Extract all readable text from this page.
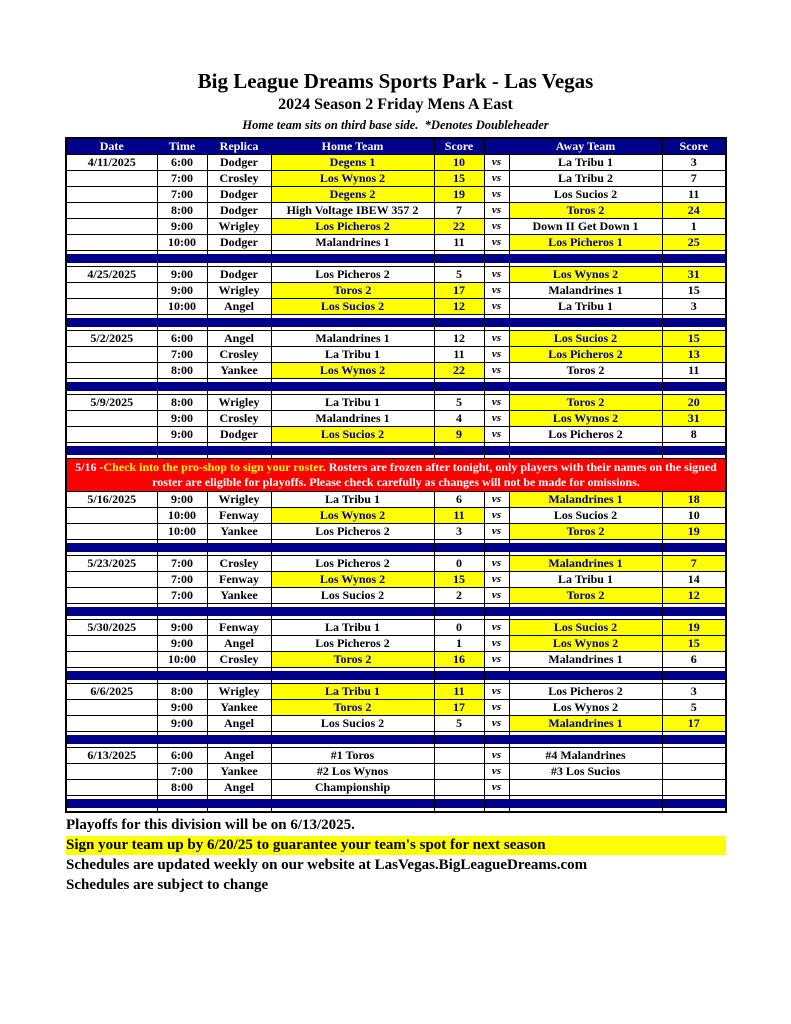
Big League Dreams Sports Park - Las Vegas
2024 Season 2 Friday Mens A East
Home team sits on third base side.  *Denotes Doubleheader
Date	Time	Replica	Home Team	Score		Away Team	Score
4/11/2025	6:00	Dodger	Degens 1	10	vs	La Tribu 1	3
	7:00	Crosley	Los Wynos 2	15	vs	La Tribu 2	7
	7:00	Dodger	Degens 2	19	vs	Los Sucios 2	11
	8:00	Dodger	High Voltage IBEW 357 2	7	vs	Toros 2	24
	9:00	Wrigley	Los Picheros 2	22	vs	Down II Get Down 1	1
	10:00	Dodger	Malandrines 1	11	vs	Los Picheros 1	25

4/25/2025	9:00	Dodger	Los Picheros 2	5	vs	Los Wynos 2	31
	9:00	Wrigley	Toros 2	17	vs	Malandrines 1	15
	10:00	Angel	Los Sucios 2	12	vs	La Tribu 1	3

5/2/2025	6:00	Angel	Malandrines 1	12	vs	Los Sucios 2	15
	7:00	Crosley	La Tribu 1	11	vs	Los Picheros 2	13
	8:00	Yankee	Los Wynos 2	22	vs	Toros 2	11

5/9/2025	8:00	Wrigley	La Tribu 1	5	vs	Toros 2	20
	9:00	Crosley	Malandrines 1	4	vs	Los Wynos 2	31
	9:00	Dodger	Los Sucios 2	9	vs	Los Picheros 2	8

5/16 -Check into the pro-shop to sign your roster. Rosters are frozen after tonight, only players with their names on the signed roster are eligible for playoffs. Please check carefully as changes will not be made for omissions.							
5/16/2025	9:00	Wrigley	La Tribu 1	6	vs	Malandrines 1	18
	10:00	Fenway	Los Wynos 2	11	vs	Los Sucios 2	10
	10:00	Yankee	Los Picheros 2	3	vs	Toros 2	19

5/23/2025	7:00	Crosley	Los Picheros 2	0	vs	Malandrines 1	7
	7:00	Fenway	Los Wynos 2	15	vs	La Tribu 1	14
	7:00	Yankee	Los Sucios 2	2	vs	Toros 2	12

5/30/2025	9:00	Fenway	La Tribu 1	0	vs	Los Sucios 2	19
	9:00	Angel	Los Picheros 2	1	vs	Los Wynos 2	15
	10:00	Crosley	Toros 2	16	vs	Malandrines 1	6

6/6/2025	8:00	Wrigley	La Tribu 1	11	vs	Los Picheros 2	3
	9:00	Yankee	Toros 2	17	vs	Los Wynos 2	5
	9:00	Angel	Los Sucios 2	5	vs	Malandrines 1	17

6/13/2025	6:00	Angel	#1 Toros		vs	#4 Malandrines	
	7:00	Yankee	#2 Los Wynos		vs	#3 Los Sucios	
	8:00	Angel	Championship		vs		

Playoffs for this division will be on 6/13/2025.
Sign your team up by 6/20/25 to guarantee your team's spot for next season
Schedules are updated weekly on our website at LasVegas.BigLeagueDreams.com
Schedules are subject to change
